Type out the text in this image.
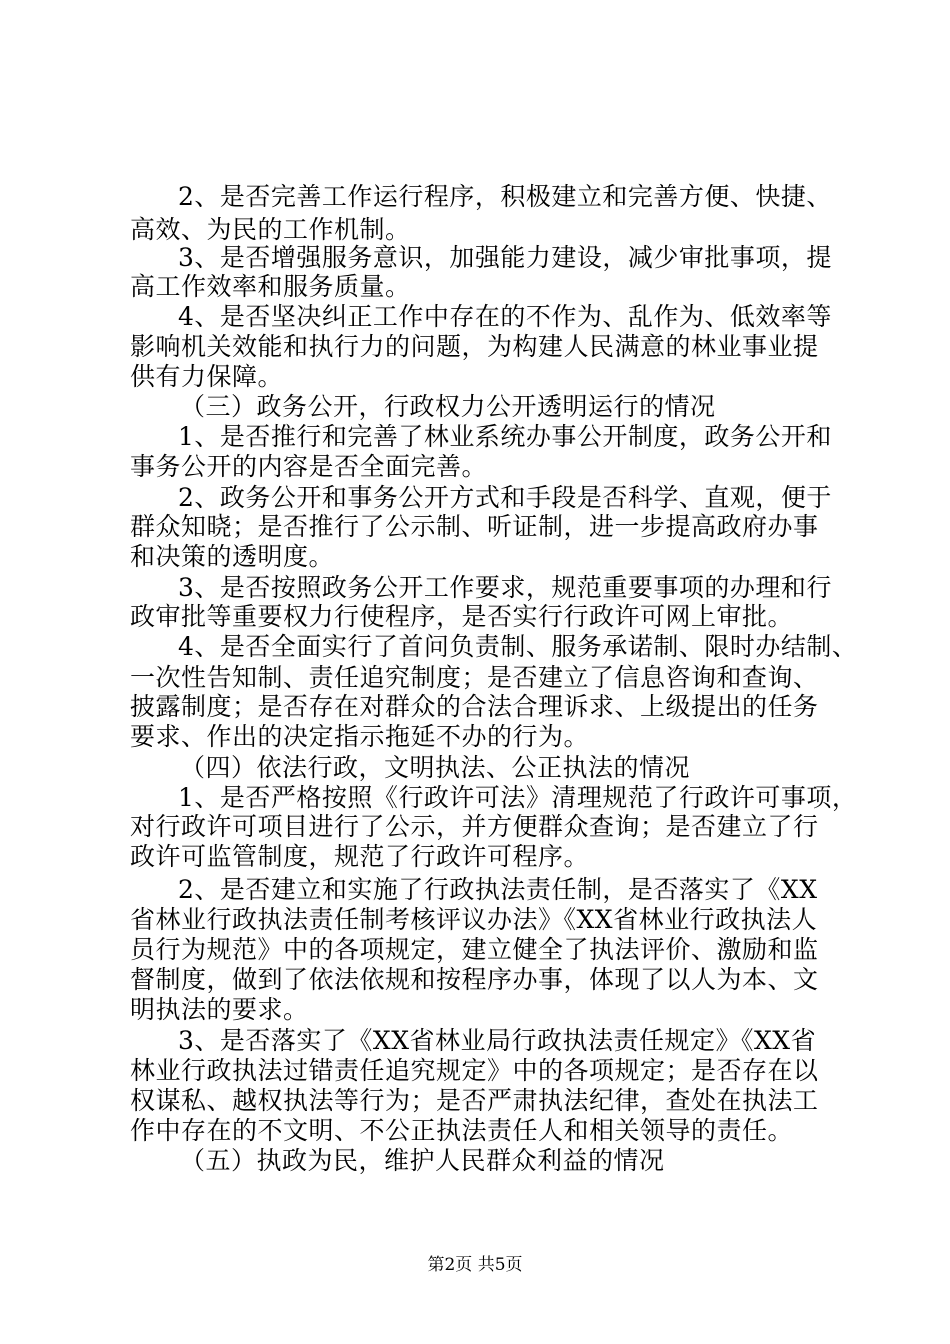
2、是否完善工作运行程序，积极建立和完善方便、快捷、
高效、为民的工作机制。
3、是否增强服务意识，加强能力建设，减少审批事项，提
高工作效率和服务质量。
4、是否坚决纠正工作中存在的不作为、乱作为、低效率等
影响机关效能和执行力的问题，为构建人民满意的林业事业提
供有力保障。
（三）政务公开，行政权力公开透明运行的情况
1、是否推行和完善了林业系统办事公开制度，政务公开和
事务公开的内容是否全面完善。
2、政务公开和事务公开方式和手段是否科学、直观，便于
群众知晓；是否推行了公示制、听证制，进一步提高政府办事
和决策的透明度。
3、是否按照政务公开工作要求，规范重要事项的办理和行
政审批等重要权力行使程序，是否实行行政许可网上审批。
4、是否全面实行了首问负责制、服务承诺制、限时办结制、
一次性告知制、责任追究制度；是否建立了信息咨询和查询、
披露制度；是否存在对群众的合法合理诉求、上级提出的任务
要求、作出的决定指示拖延不办的行为。
（四）依法行政，文明执法、公正执法的情况
1、是否严格按照《行政许可法》清理规范了行政许可事项，
对行政许可项目进行了公示，并方便群众查询；是否建立了行
政许可监管制度，规范了行政许可程序。
2、是否建立和实施了行政执法责任制，是否落实了《XX
省林业行政执法责任制考核评议办法》《XX省林业行政执法人
员行为规范》中的各项规定，建立健全了执法评价、激励和监
督制度，做到了依法依规和按程序办事，体现了以人为本、文
明执法的要求。
3、是否落实了《XX省林业局行政执法责任规定》《XX省
林业行政执法过错责任追究规定》中的各项规定；是否存在以
权谋私、越权执法等行为；是否严肃执法纪律，查处在执法工
作中存在的不文明、不公正执法责任人和相关领导的责任。
（五）执政为民，维护人民群众利益的情况
第2页 共5页
